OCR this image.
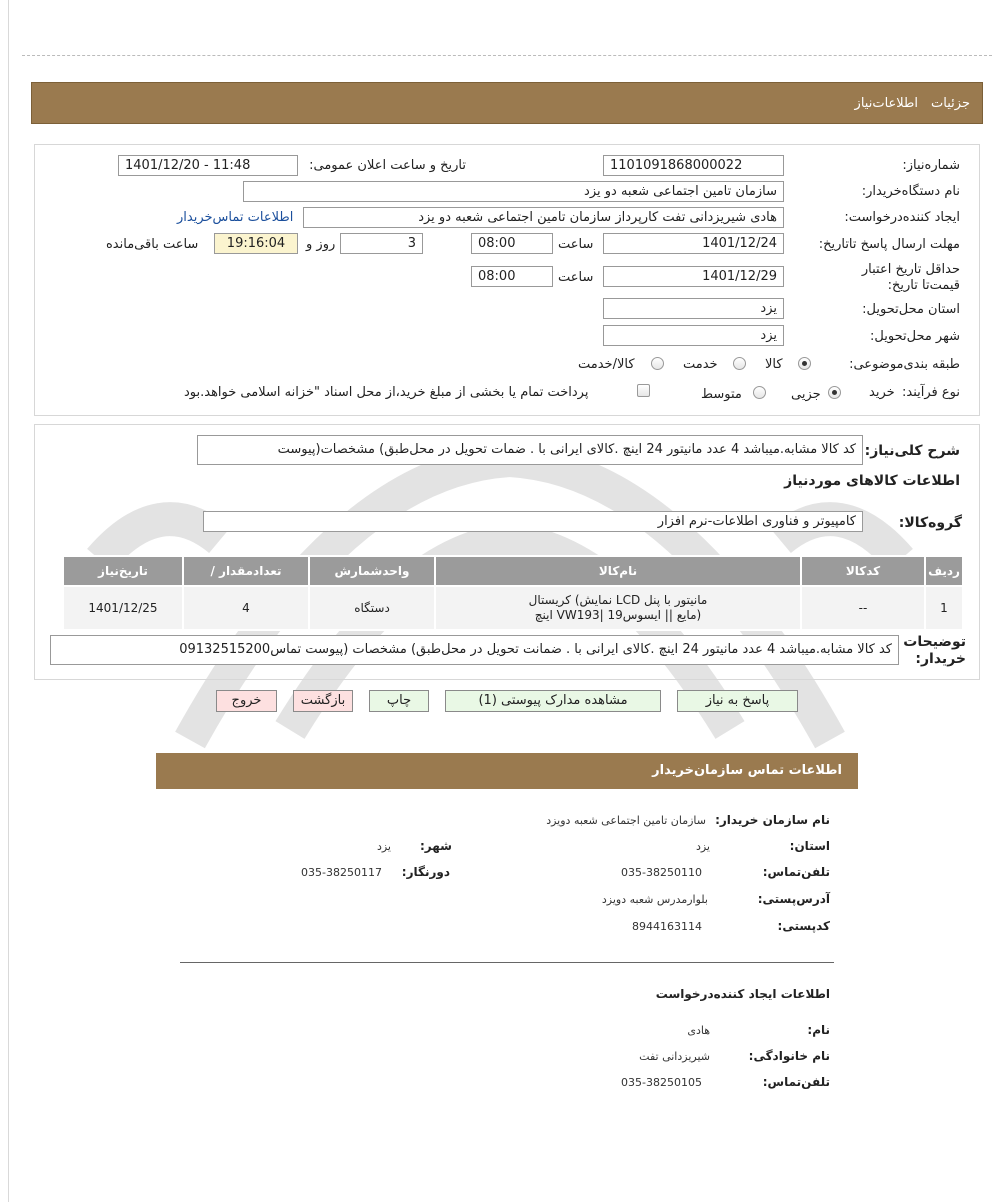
جزئیات
اطلاعات‌نیاز
شماره‌نیاز:
1101091868000022
تاریخ و ساعت اعلان عمومی:
1401/12/20 - 11:48
نام دستگاه‌خریدار:
سازمان تامین اجتماعی شعبه دو یزد
ایجاد کننده‌درخواست:
هادی شیریزدانی تفت کارپرداز سازمان تامین اجتماعی شعبه دو یزد
اطلاعات تماس‌خریدار
مهلت ارسال پاسخ تا‌تاریخ:
1401/12/24
ساعت
08:00
3
روز و
19:16:04
ساعت باقی‌مانده
حداقل تاریخ اعتبار قیمت‌تا تاریخ:
1401/12/29
ساعت
08:00
استان محل‌تحویل:
یزد
شهر محل‌تحویل:
یزد
طبقه بندی‌موضوعی:
کالا
خدمت
کالا/خدمت
نوع فرآیند:
خرید
جزیی
متوسط
پرداخت تمام یا بخشی از مبلغ خرید،از محل اسناد "خزانه اسلامی خواهد.بود
شرح کلی‌نیاز:
کد کالا مشابه.میباشد 4 عدد مانیتور 24 اینچ .کالای ایرانی با . ضمات تحویل در محل‌طبق) مشخصات(پیوست
اطلاعات کالاهای موردنیاز
گروه‌کالا:
کامپیوتر و فناوری اطلاعات-نرم افزار
ردیف	کدکالا	نام‌کالا	واحدشمارش	تعدادمقدار /	تاریخ‌نیاز
1	--	مانیتور با پنل LCD نمایش) کریستال
(مایع || ایسوس19 |VW193 اینچ	دستگاه	4	1401/12/25
توضیحات خریدار:
کد کالا مشابه.میباشد 4 عدد مانیتور 24 اینچ .کالای ایرانی با . ضمانت تحویل در محل‌طبق) مشخصات (پیوست تماس09132515200
پاسخ به نیاز
مشاهده مدارک پیوستی (1)
چاپ
بازگشت
خروج
اطلاعات تماس سازمان‌خریدار
نام سازمان خریدار:
سازمان تامین اجتماعی شعبه دویزد
استان:
یزد
شهر:
یزد
تلفن‌تماس:
035-38250110
دورنگار:
035-38250117
آدرس‌پستی:
بلوارمدرس شعبه دویزد
کد‌پستی:
8944163114
اطلاعات ایجاد کننده‌درخواست
نام:
هادی
نام خانوادگی:
شیریزدانی تفت
تلفن‌تماس:
035-38250105
